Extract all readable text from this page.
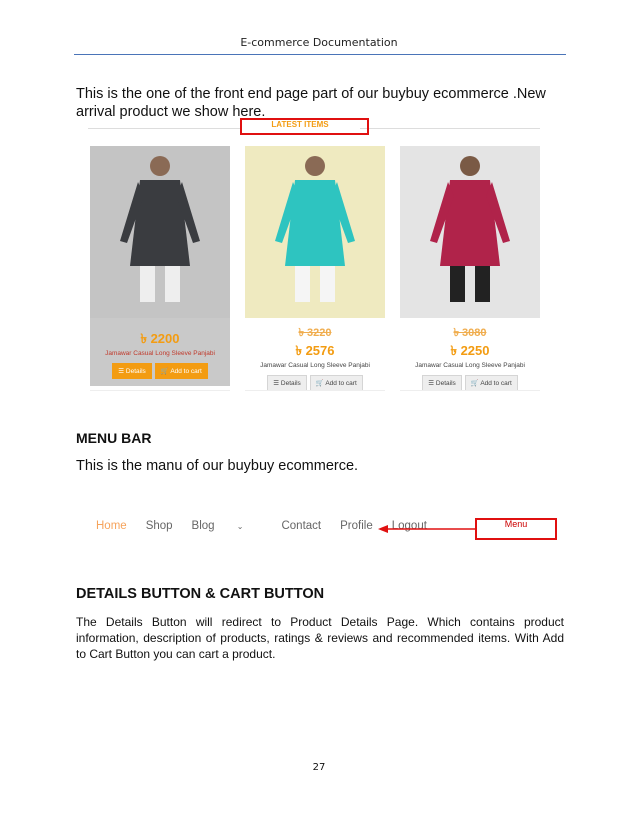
E-commerce Documentation
This is the one of the front end page part of our buybuy ecommerce .New arrival product we show here.
LATEST ITEMS
৳ 2200
Jamawar Casual Long Sleeve Panjabi
☰ Details	🛒 Add to cart
৳ 3220
৳ 2576
Jamawar Casual Long Sleeve Panjabi
☰ Details	🛒 Add to cart
৳ 3080
৳ 2250
Jamawar Casual Long Sleeve Panjabi
☰ Details	🛒 Add to cart
MENU BAR
This is the manu of our buybuy ecommerce.
Home Shop Blog	⌄	Contact Profile Logout	Menu
DETAILS BUTTON & CART BUTTON
The Details Button will redirect to Product Details Page. Which contains product information, description of products, ratings & reviews and recommended items. With Add to Cart Button you can cart a product.
27
